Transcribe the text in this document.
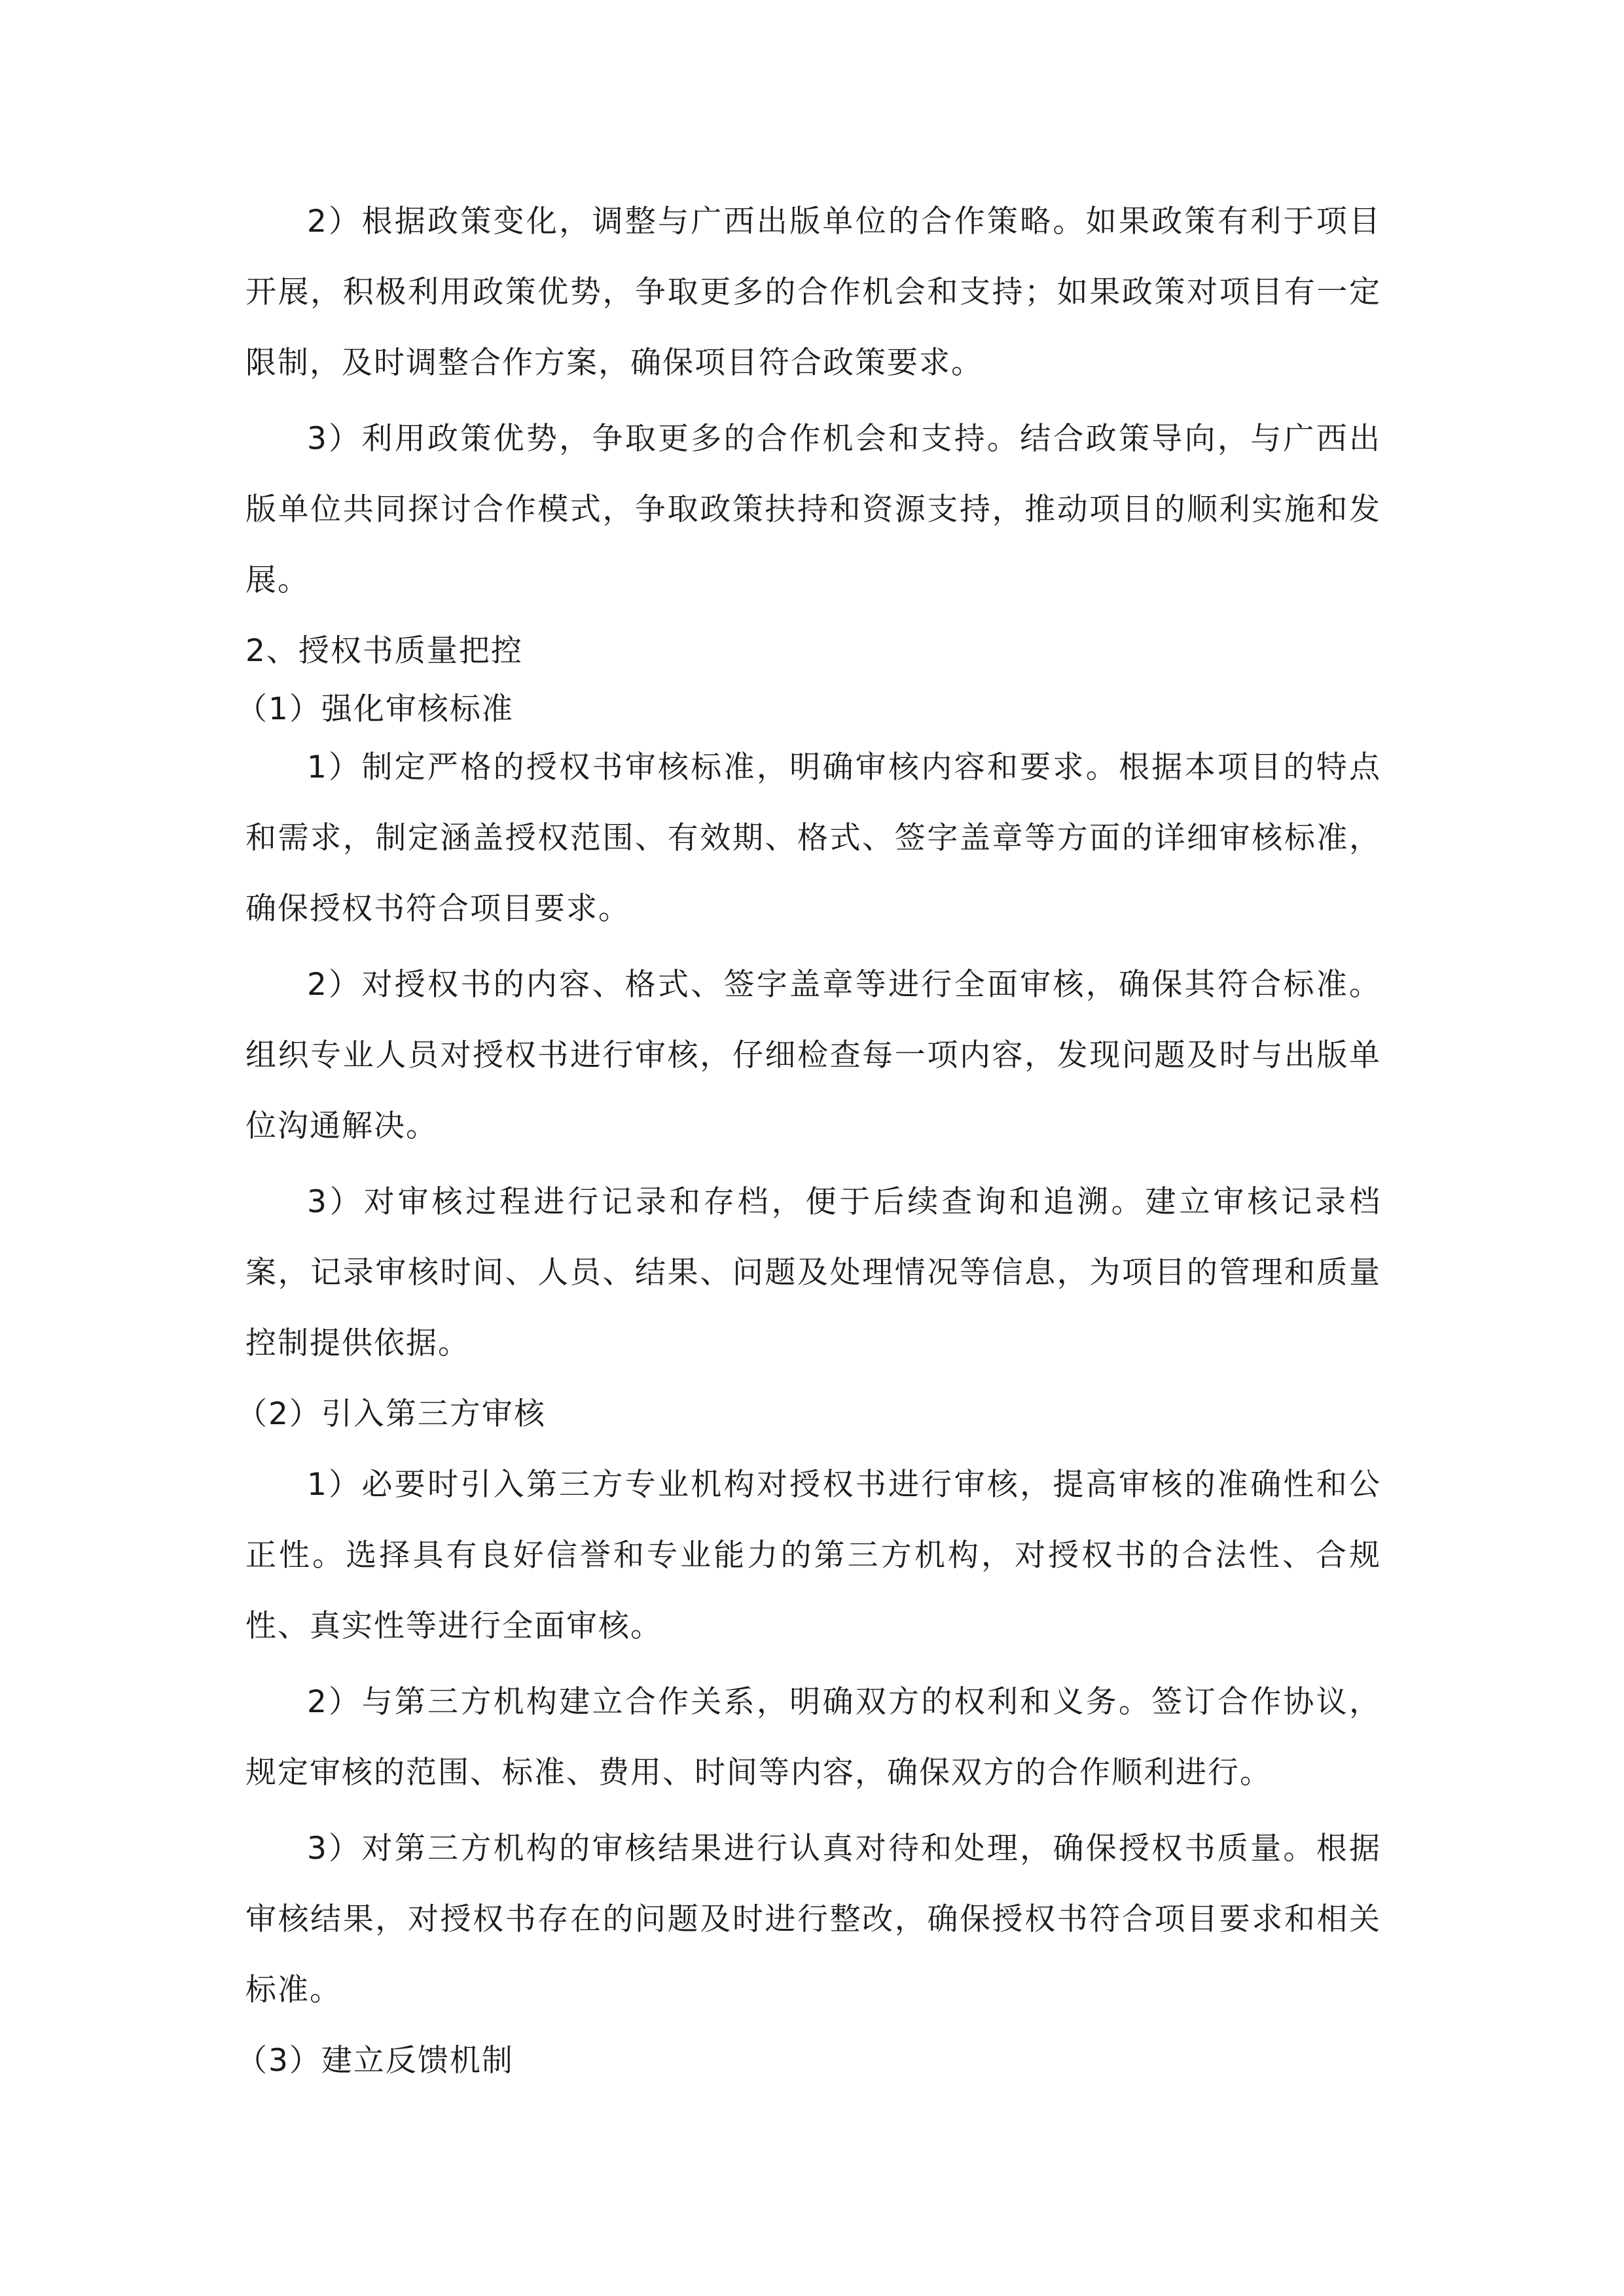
2）根据政策变化，调整与广西出版单位的合作策略。如果政策有利于项目开展，积极利用政策优势，争取更多的合作机会和支持；如果政策对项目有一定限制，及时调整合作方案，确保项目符合政策要求。

3）利用政策优势，争取更多的合作机会和支持。结合政策导向，与广西出版单位共同探讨合作模式，争取政策扶持和资源支持，推动项目的顺利实施和发展。

2、授权书质量把控

（1）强化审核标准

1）制定严格的授权书审核标准，明确审核内容和要求。根据本项目的特点和需求，制定涵盖授权范围、有效期、格式、签字盖章等方面的详细审核标准，确保授权书符合项目要求。

2）对授权书的内容、格式、签字盖章等进行全面审核，确保其符合标准。组织专业人员对授权书进行审核，仔细检查每一项内容，发现问题及时与出版单位沟通解决。

3）对审核过程进行记录和存档，便于后续查询和追溯。建立审核记录档案，记录审核时间、人员、结果、问题及处理情况等信息，为项目的管理和质量控制提供依据。

（2）引入第三方审核

1）必要时引入第三方专业机构对授权书进行审核，提高审核的准确性和公正性。选择具有良好信誉和专业能力的第三方机构，对授权书的合法性、合规性、真实性等进行全面审核。

2）与第三方机构建立合作关系，明确双方的权利和义务。签订合作协议，规定审核的范围、标准、费用、时间等内容，确保双方的合作顺利进行。

3）对第三方机构的审核结果进行认真对待和处理，确保授权书质量。根据审核结果，对授权书存在的问题及时进行整改，确保授权书符合项目要求和相关标准。

（3）建立反馈机制
